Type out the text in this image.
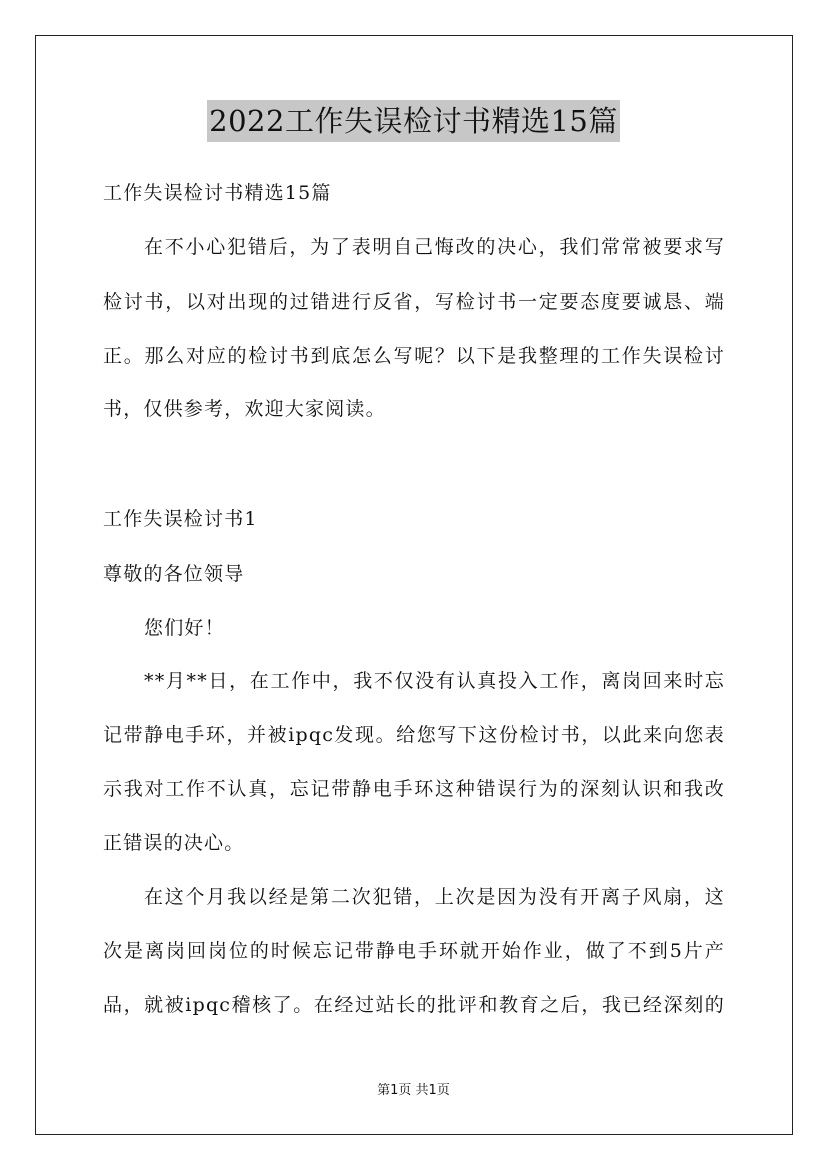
2022工作失误检讨书精选15篇
工作失误检讨书精选15篇
在不小心犯错后，为了表明自己悔改的决心，我们常常被要求写
检讨书，以对出现的过错进行反省，写检讨书一定要态度要诚恳、端
正。那么对应的检讨书到底怎么写呢？以下是我整理的工作失误检讨
书，仅供参考，欢迎大家阅读。
工作失误检讨书1
尊敬的各位领导
您们好！
**月**日，在工作中，我不仅没有认真投入工作，离岗回来时忘
记带静电手环，并被ipqc发现。给您写下这份检讨书，以此来向您表
示我对工作不认真，忘记带静电手环这种错误行为的深刻认识和我改
正错误的决心。
在这个月我以经是第二次犯错，上次是因为没有开离子风扇，这
次是离岗回岗位的时候忘记带静电手环就开始作业，做了不到5片产
品，就被ipqc稽核了。在经过站长的批评和教育之后，我已经深刻的
第1页 共1页
